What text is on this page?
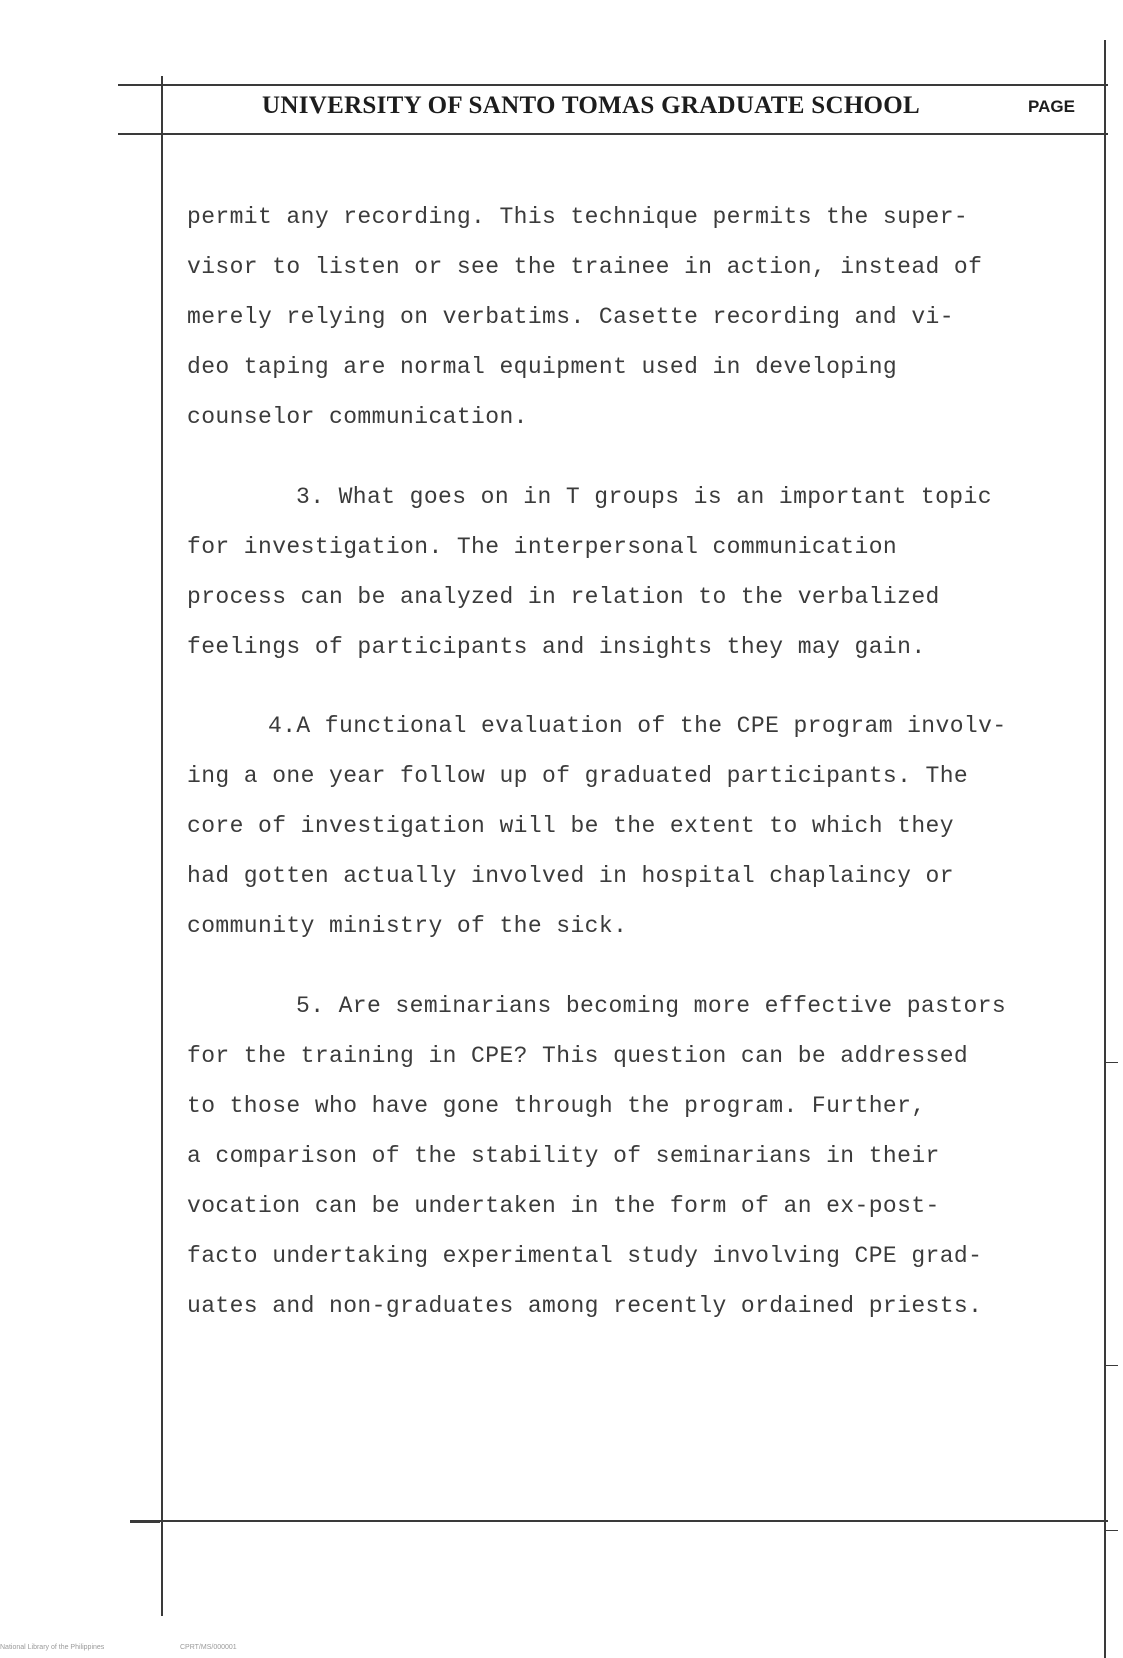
UNIVERSITY OF SANTO TOMAS GRADUATE SCHOOL	PAGE
permit any recording. This technique permits the super-
visor to listen or see the trainee in action, instead of
merely relying on verbatims. Casette recording and vi-
deo taping are normal equipment used in developing
counselor communication.
3. What goes on in T groups is an important topic
for investigation. The interpersonal communication
process can be analyzed in relation to the verbalized
feelings of participants and insights they may gain.
4.A functional evaluation of the CPE program involv-
ing a one year follow up of graduated participants. The
core of investigation will be the extent to which they
had gotten actually involved in hospital chaplaincy or
community ministry of the sick.
5. Are seminarians becoming more effective pastors
for the training in CPE? This question can be addressed
to those who have gone through the program. Further,
a comparison of the stability of seminarians in their
vocation can be undertaken in the form of an ex-post-
facto undertaking experimental study involving CPE grad-
uates and non-graduates among recently ordained priests.
National Library of the Philippines	CPRT/MS/000001
